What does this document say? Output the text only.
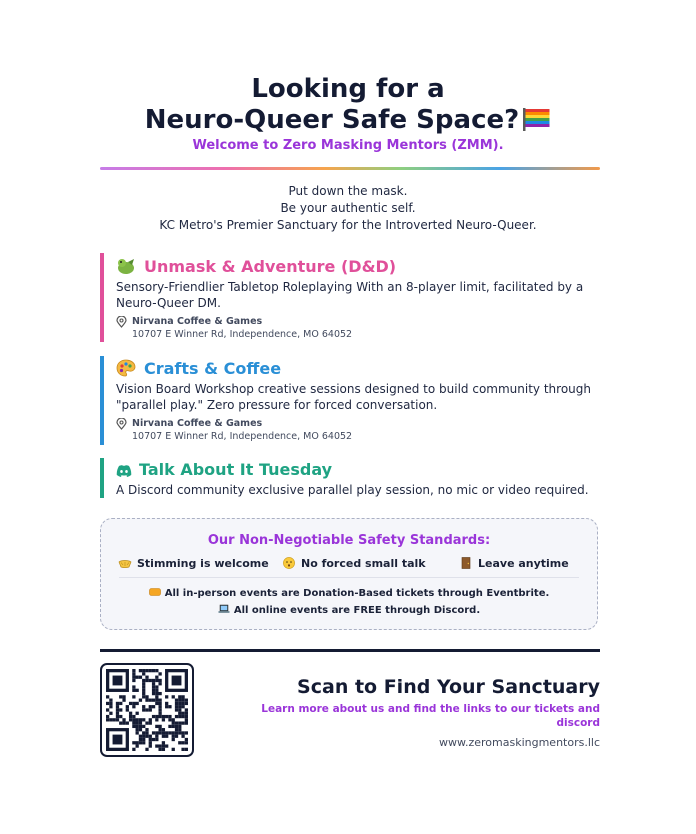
Looking for a
Neuro-Queer Safe Space?
Welcome to Zero Masking Mentors (ZMM).
Put down the mask.
Be your authentic self.
KC Metro's Premier Sanctuary for the Introverted Neuro-Queer.
Unmask & Adventure (D&D)
Sensory-Friendlier Tabletop Roleplaying With an 8-player limit, facilitated by a Neuro-Queer DM.
Nirvana Coffee & Games
10707 E Winner Rd, Independence, MO 64052
Crafts & Coffee
Vision Board Workshop creative sessions designed to build community through "parallel play." Zero pressure for forced conversation.
Nirvana Coffee & Games
10707 E Winner Rd, Independence, MO 64052
Talk About It Tuesday
A Discord community exclusive parallel play session, no mic or video required.
Our Non-Negotiable Safety Standards:
Stimming is welcome	No forced small talk	Leave anytime
All in-person events are Donation-Based tickets through Eventbrite.
All online events are FREE through Discord.
Scan to Find Your Sanctuary
Learn more about us and find the links to our tickets and discord
www.zeromaskingmentors.llc
